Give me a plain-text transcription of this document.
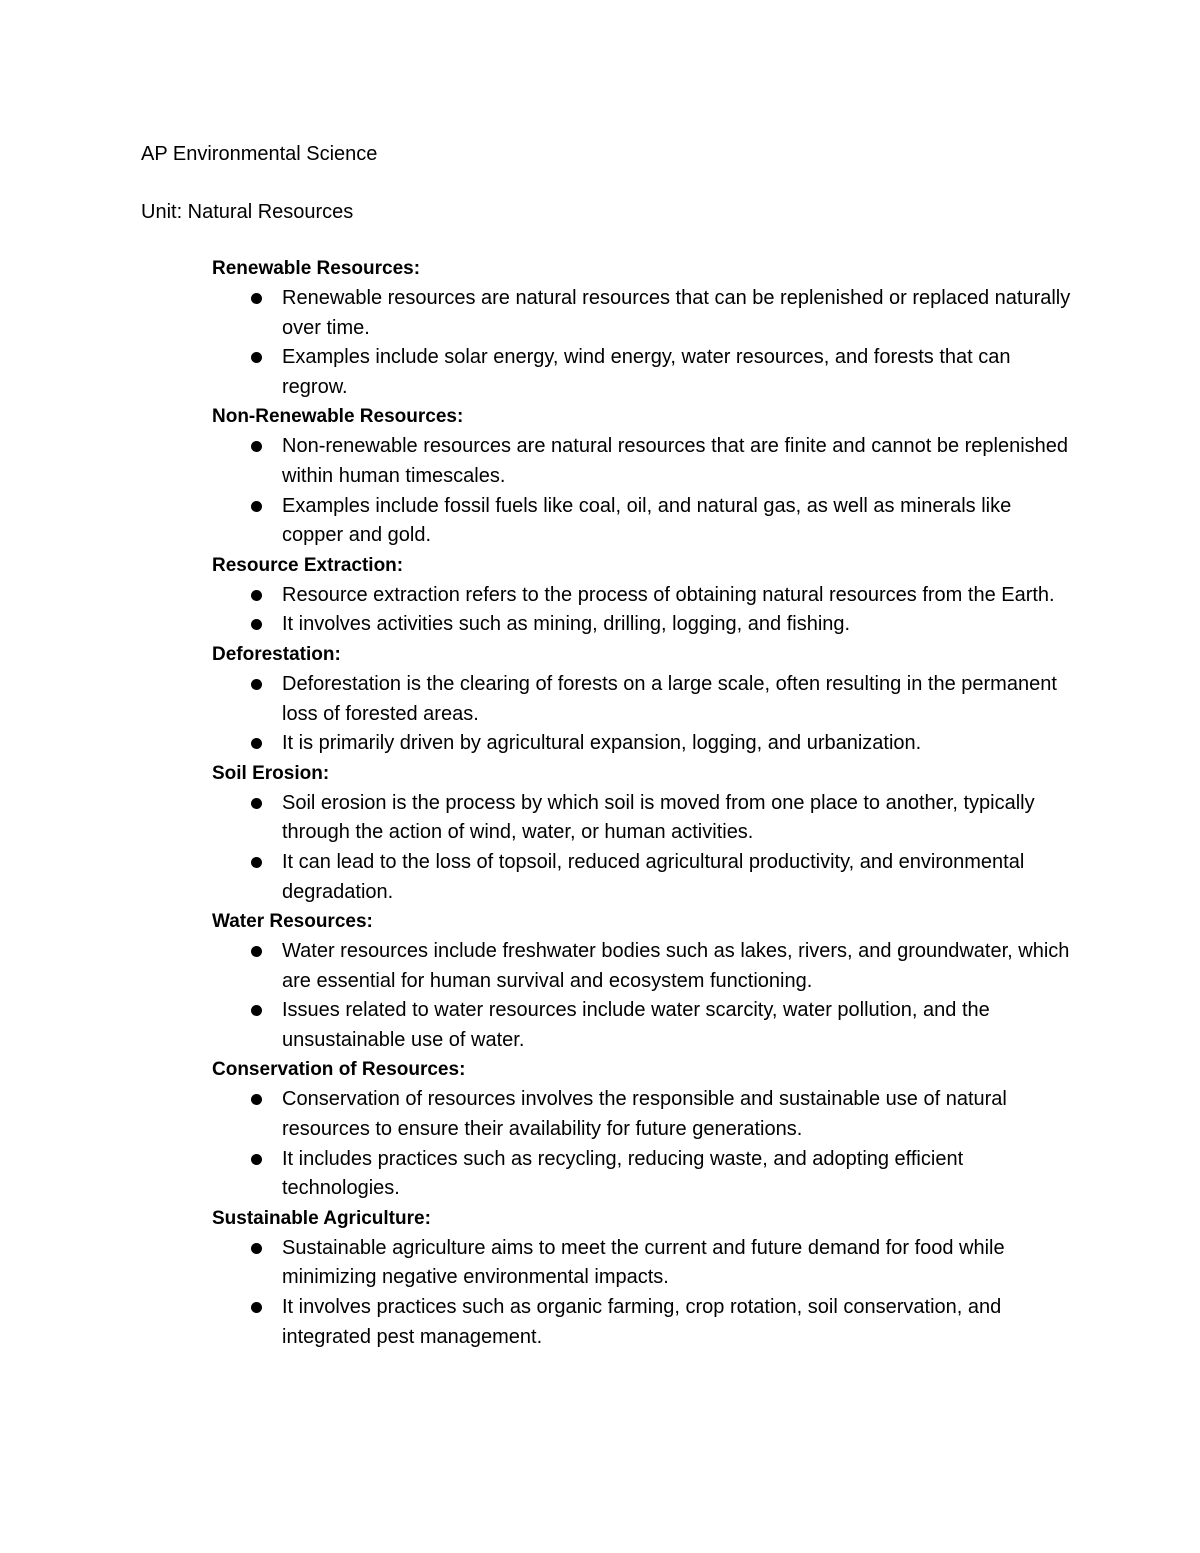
AP Environmental Science
Unit: Natural Resources
Renewable Resources:
Renewable resources are natural resources that can be replenished or replaced naturally over time.
Examples include solar energy, wind energy, water resources, and forests that can regrow.
Non-Renewable Resources:
Non-renewable resources are natural resources that are finite and cannot be replenished within human timescales.
Examples include fossil fuels like coal, oil, and natural gas, as well as minerals like copper and gold.
Resource Extraction:
Resource extraction refers to the process of obtaining natural resources from the Earth.
It involves activities such as mining, drilling, logging, and fishing.
Deforestation:
Deforestation is the clearing of forests on a large scale, often resulting in the permanent loss of forested areas.
It is primarily driven by agricultural expansion, logging, and urbanization.
Soil Erosion:
Soil erosion is the process by which soil is moved from one place to another, typically through the action of wind, water, or human activities.
It can lead to the loss of topsoil, reduced agricultural productivity, and environmental degradation.
Water Resources:
Water resources include freshwater bodies such as lakes, rivers, and groundwater, which are essential for human survival and ecosystem functioning.
Issues related to water resources include water scarcity, water pollution, and the unsustainable use of water.
Conservation of Resources:
Conservation of resources involves the responsible and sustainable use of natural resources to ensure their availability for future generations.
It includes practices such as recycling, reducing waste, and adopting efficient technologies.
Sustainable Agriculture:
Sustainable agriculture aims to meet the current and future demand for food while minimizing negative environmental impacts.
It involves practices such as organic farming, crop rotation, soil conservation, and integrated pest management.
